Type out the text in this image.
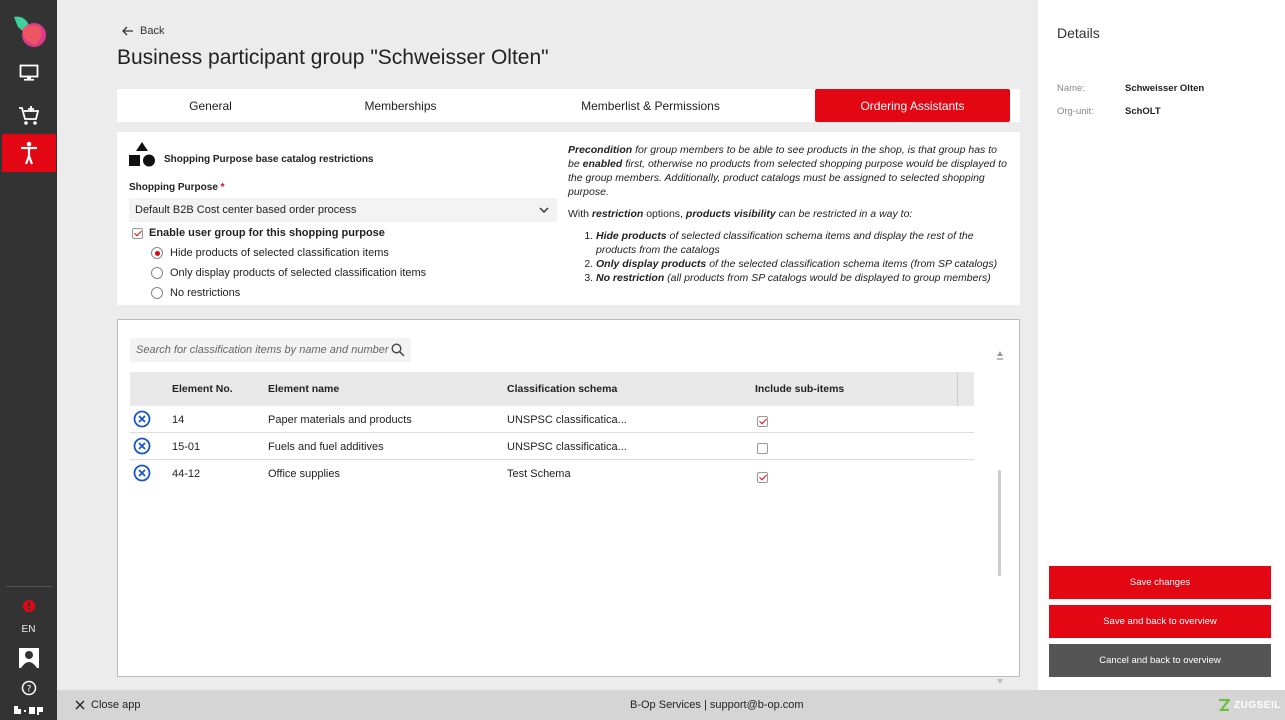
EN
?
Back
Business participant group "Schweisser Olten"
General	Memberships	Memberlist & Permissions	Ordering Assistants
Shopping Purpose base catalog restrictions
Shopping Purpose *
Default B2B Cost center based order process
Enable user group for this shopping purpose
Hide products of selected classification items
Only display products of selected classification items
No restrictions

Precondition for group members to be able to see products in the shop, is that group has to be enabled first, otherwise no products from selected shopping purpose would be displayed to the group members. Additionally, product catalogs must be assigned to selected shopping purpose.

With restriction options, products visibility can be restricted in a way to:

1. Hide products of selected classification schema items and display the rest of the products from the catalogs
2. Only display products of the selected classification schema items (from SP catalogs)
3. No restriction (all products from SP catalogs would be displayed to group members)
Search for classification items by name and number
Element No.	Element name	Classification schema	Include sub-items
14	Paper materials and products	UNSPSC classificatica...
15-01	Fuels and fuel additives	UNSPSC classificatica...
44-12	Office supplies	Test Schema
Details
Name:	Schweisser Olten
Org-unit:	SchOLT
Save changes
Save and back to overview
Cancel and back to overview
Close app	B-Op Services | support@b-op.com	ZUGSEIL
